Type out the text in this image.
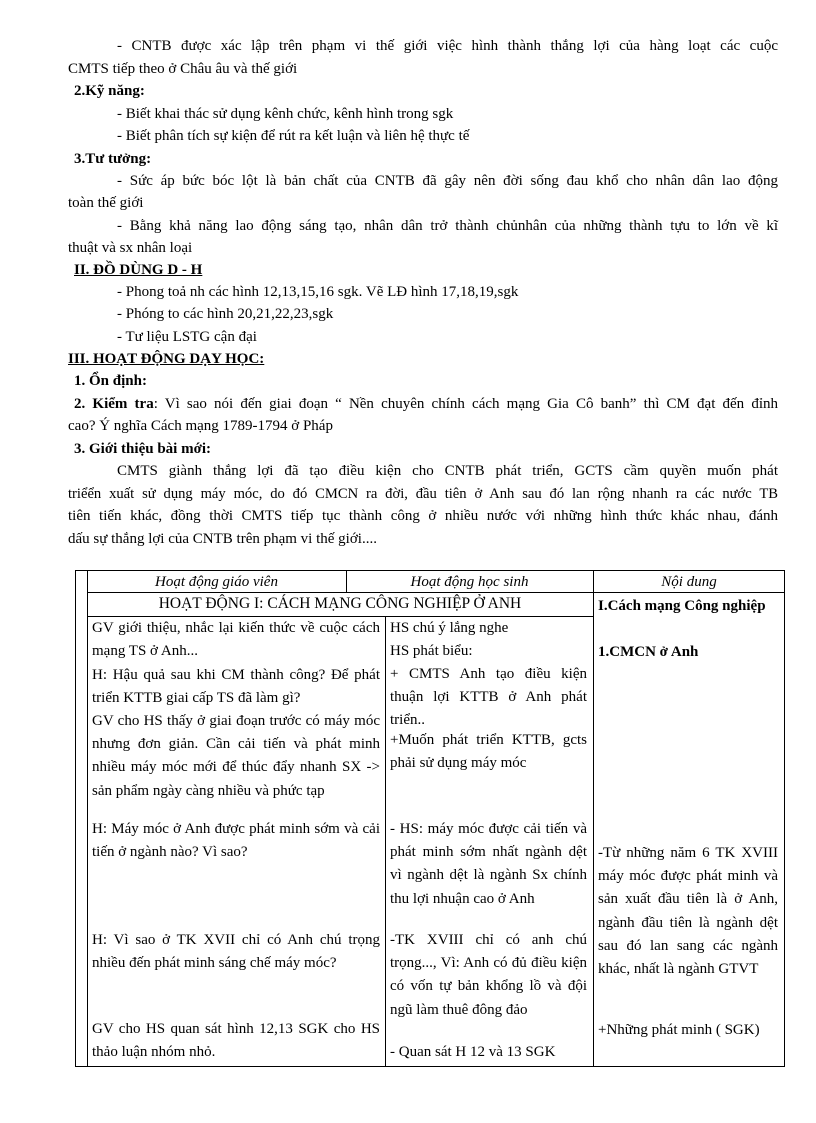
- CNTB được xác lập trên phạm vi thế giới việc hình thành thắng lợi của hàng loạt các cuộc
CMTS tiếp theo ở Châu âu và thế giới
2.Kỹ năng:
- Biết khai thác sử dụng kênh chức, kênh hình trong sgk
- Biết phân tích sự kiện để rút ra kết luận và liên hệ thực tế
3.Tư tưởng:
- Sức áp bức bóc lột là bản chất của CNTB đã gây nên đời sống đau khổ cho nhân dân lao động
toàn thế giới
- Bằng khả năng lao động sáng tạo, nhân dân trở thành chủnhân của những thành tựu to lớn về kĩ
thuật và sx nhân loại
II. ĐỒ DÙNG D - H
- Phong toả nh các hình 12,13,15,16 sgk. Vẽ LĐ hình 17,18,19,sgk
- Phóng to các hình 20,21,22,23,sgk
- Tư liệu LSTG cận đại
III. HOẠT ĐỘNG DẠY HỌC:
1. Ổn định:
2. Kiểm tra: Vì sao nói đến giai đoạn “ Nền chuyên chính cách mạng Gia Cô banh” thì CM đạt đến đỉnh
cao? Ý nghĩa Cách mạng 1789-1794 ở Pháp
3. Giới thiệu bài mới:
CMTS giành thắng lợi đã tạo điều kiện cho CNTB phát triển, GCTS cầm quyền muốn phát
triểển xuất sử dụng máy móc, do đó CMCN ra đời, đầu tiên ở Anh sau đó lan rộng nhanh ra các nước TB
tiên tiến khác, đồng thời CMTS tiếp tục thành công ở nhiều nước với những hình thức khác nhau, đánh
dấu sự thắng lợi của CNTB trên phạm vi thế giới....
Hoạt động giáo viên	Hoạt động học sinh	Nội dung
HOẠT ĐỘNG I: CÁCH MẠNG CÔNG NGHIỆP Ở ANH
GV giới thiệu, nhắc lại kiến thức về cuộc cách mạng TS ở Anh...
H: Hậu quả sau khi CM thành công? Để phát triển KTTB giai cấp TS đã làm gì?
GV cho HS thấy ở giai đoạn trước có máy móc nhưng đơn giản. Cần cải tiến và phát minh nhiều máy móc mới để thúc đẩy nhanh SX -> sản phẩm ngày càng nhiều và phức tạp
H: Máy móc ở Anh được phát minh sớm và cải tiến ở ngành nào? Vì sao?
H: Vì sao ở TK XVII chỉ có Anh chú trọng nhiều đến phát minh sáng chế máy móc?
GV cho HS quan sát hình 12,13 SGK cho HS thảo luận nhóm nhỏ.
HS chú ý lắng nghe
HS phát biểu:
+ CMTS Anh tạo điều kiện thuận lợi KTTB ở Anh phát triển..
+Muốn phát triển KTTB, gcts phải sử dụng máy móc
- HS: máy móc được cải tiến và phát minh sớm nhất ngành dệt vì ngành dệt là ngành Sx chính thu lợi nhuận cao ở Anh
-TK XVIII chỉ có anh chú trọng..., Vì: Anh có đủ điều kiện có vốn tự bản khổng lồ và đội ngũ làm thuê đông đảo
- Quan sát H 12 và 13 SGK
I.Cách mạng Công nghiệp
1.CMCN ở Anh
-Từ những năm 6 TK XVIII máy móc được phát minh và sản xuất đầu tiên là ở Anh, ngành đầu tiên là ngành dệt sau đó lan sang các ngành khác, nhất là ngành GTVT
+Những phát minh ( SGK)
